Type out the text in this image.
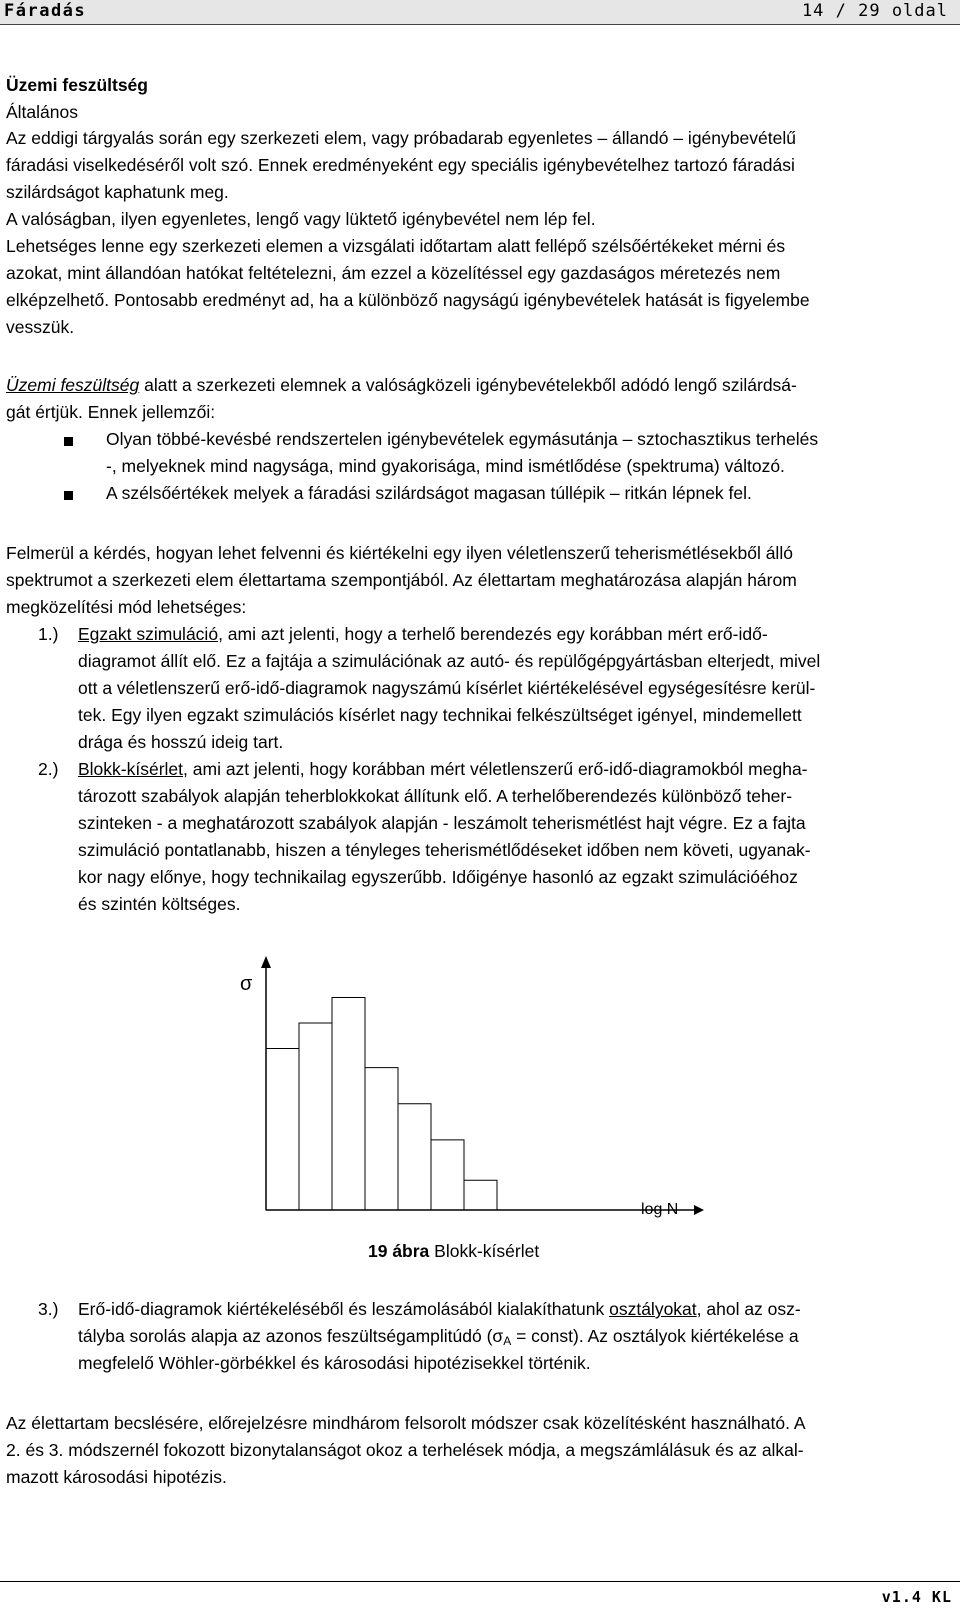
Fáradás	14 / 29 oldal
Üzemi feszültség
Általános
Az eddigi tárgyalás során egy szerkezeti elem, vagy próbadarab egyenletes – állandó – igénybevételű
fáradási viselkedéséről volt szó. Ennek eredményeként egy speciális igénybevételhez tartozó fáradási
szilárdságot kaphatunk meg.
A valóságban, ilyen egyenletes, lengő vagy lüktető igénybevétel nem lép fel.
Lehetséges lenne egy szerkezeti elemen a vizsgálati időtartam alatt fellépő szélsőértékeket mérni és
azokat, mint állandóan hatókat feltételezni, ám ezzel a közelítéssel egy gazdaságos méretezés nem
elképzelhető. Pontosabb eredményt ad, ha a különböző nagyságú igénybevételek hatását is figyelembe
vesszük.
Üzemi feszültség alatt a szerkezeti elemnek a valóságközeli igénybevételekből adódó lengő szilárdsá-
gát értjük. Ennek jellemzői:
Olyan többé-kevésbé rendszertelen igénybevételek egymásutánja – sztochasztikus terhelés
-, melyeknek mind nagysága, mind gyakorisága, mind ismétlődése (spektruma) változó.
A szélsőértékek melyek a fáradási szilárdságot magasan túllépik – ritkán lépnek fel.
Felmerül a kérdés, hogyan lehet felvenni és kiértékelni egy ilyen véletlenszerű teherismétlésekből álló
spektrumot a szerkezeti elem élettartama szempontjából. Az élettartam meghatározása alapján három
megközelítési mód lehetséges:
1.) Egzakt szimuláció, ami azt jelenti, hogy a terhelő berendezés egy korábban mért erő-idő-
diagramot állít elő. Ez a fajtája a szimulációnak az autó- és repülőgépgyártásban elterjedt, mivel
ott a véletlenszerű erő-idő-diagramok nagyszámú kísérlet kiértékelésével egységesítésre kerül-
tek. Egy ilyen egzakt szimulációs kísérlet nagy technikai felkészültséget igényel, mindemellett
drága és hosszú ideig tart.
2.) Blokk-kísérlet, ami azt jelenti, hogy korábban mért véletlenszerű erő-idő-diagramokból megha-
tározott szabályok alapján teherblokkokat állítunk elő. A terhelőberendezés különböző teher-
szinteken - a meghatározott szabályok alapján - leszámolt teherismétlést hajt végre. Ez a fajta
szimuláció pontatlanabb, hiszen a tényleges teherismétlődéseket időben nem követi, ugyanak-
kor nagy előnye, hogy technikailag egyszerűbb. Időigénye hasonló az egzakt szimulációéhoz
és szintén költséges.
σ
log N
19 ábra Blokk-kísérlet
3.) Erő-idő-diagramok kiértékeléséből és leszámolásából kialakíthatunk osztályokat, ahol az osz-
tályba sorolás alapja az azonos feszültségamplitúdó (σA = const). Az osztályok kiértékelése a
megfelelő Wöhler-görbékkel és károsodási hipotézisekkel történik.
Az élettartam becslésére, előrejelzésre mindhárom felsorolt módszer csak közelítésként használható. A
2. és 3. módszernél fokozott bizonytalanságot okoz a terhelések módja, a megszámlálásuk és az alkal-
mazott károsodási hipotézis.
v1.4 KL
